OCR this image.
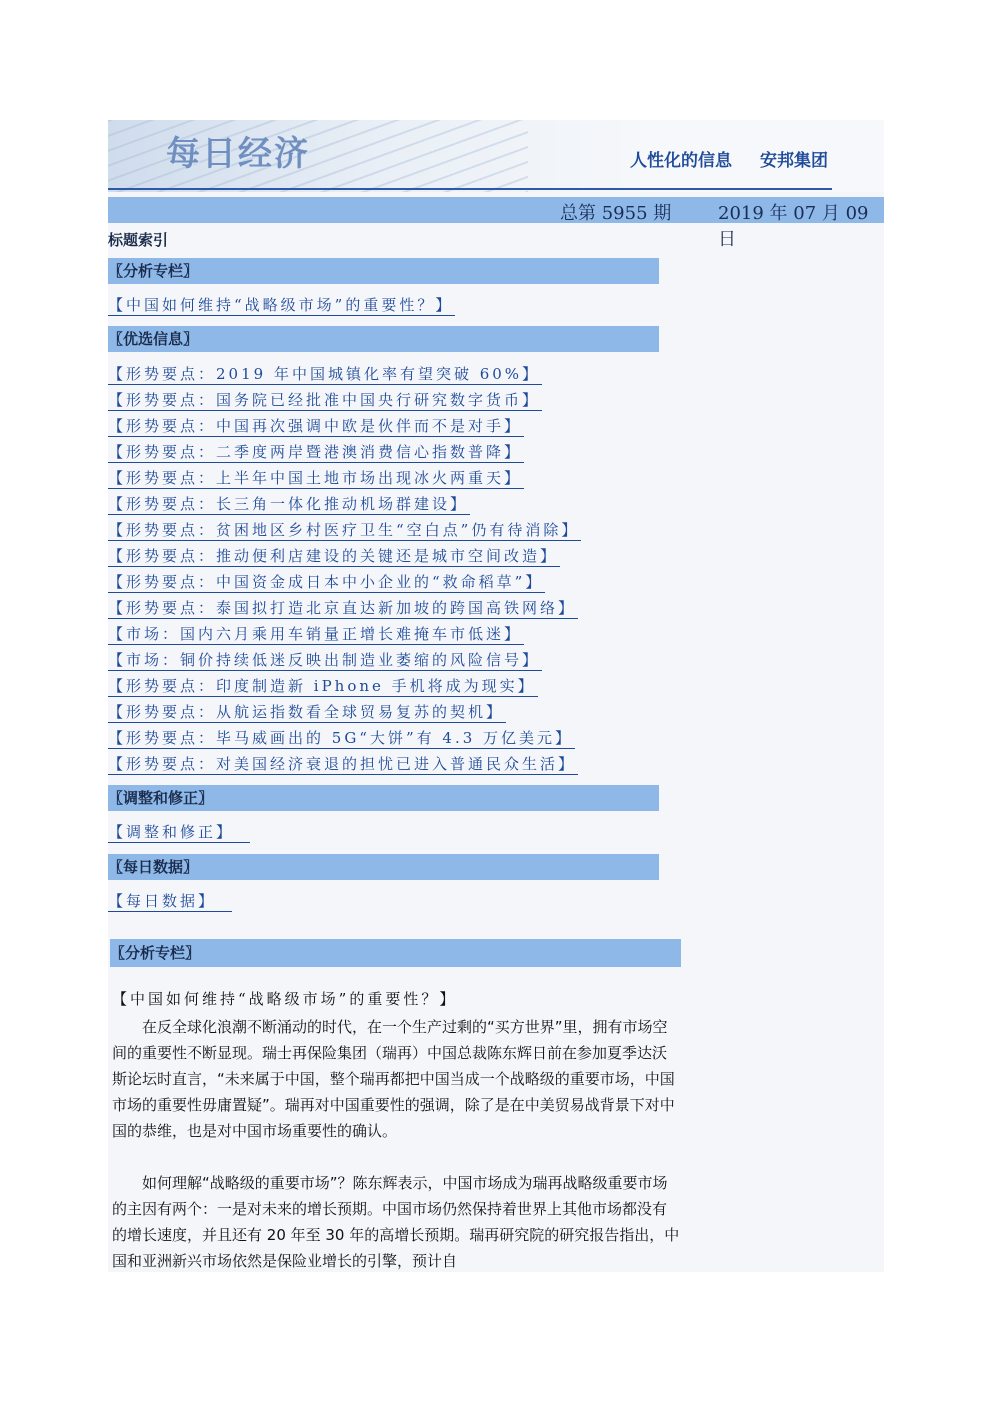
每日经济	人性化的信息 安邦集团
总第 5955 期	2019 年 07 月 09 日
标题索引
〖分析专栏〗
【中国如何维持“战略级市场”的重要性？】
〖优选信息〗
【形势要点：2019 年中国城镇化率有望突破 60%】
【形势要点：国务院已经批准中国央行研究数字货币】
【形势要点：中国再次强调中欧是伙伴而不是对手】
【形势要点：二季度两岸暨港澳消费信心指数普降】
【形势要点：上半年中国土地市场出现冰火两重天】
【形势要点：长三角一体化推动机场群建设】
【形势要点：贫困地区乡村医疗卫生“空白点”仍有待消除】
【形势要点：推动便利店建设的关键还是城市空间改造】
【形势要点：中国资金成日本中小企业的“救命稻草”】
【形势要点：泰国拟打造北京直达新加坡的跨国高铁网络】
【市场：国内六月乘用车销量正增长难掩车市低迷】
【市场：铜价持续低迷反映出制造业萎缩的风险信号】
【形势要点：印度制造新 iPhone 手机将成为现实】
【形势要点：从航运指数看全球贸易复苏的契机】
【形势要点：毕马威画出的 5G“大饼”有 4.3 万亿美元】
【形势要点：对美国经济衰退的担忧已进入普通民众生活】
〖调整和修正〗
【调整和修正】
〖每日数据〗
【每日数据】
〖分析专栏〗
【中国如何维持“战略级市场”的重要性？】

在反全球化浪潮不断涌动的时代，在一个生产过剩的“买方世界”里，拥有市场空间的重要性不断显现。瑞士再保险集团（瑞再）中国总裁陈东辉日前在参加夏季达沃斯论坛时直言，“未来属于中国，整个瑞再都把中国当成一个战略级的重要市场，中国市场的重要性毋庸置疑”。瑞再对中国重要性的强调，除了是在中美贸易战背景下对中国的恭维，也是对中国市场重要性的确认。

如何理解“战略级的重要市场”？陈东辉表示，中国市场成为瑞再战略级重要市场的主因有两个：一是对未来的增长预期。中国市场仍然保持着世界上其他市场都没有的增长速度，并且还有 20 年至 30 年的高增长预期。瑞再研究院的研究报告指出，中国和亚洲新兴市场依然是保险业增长的引擎，预计自
